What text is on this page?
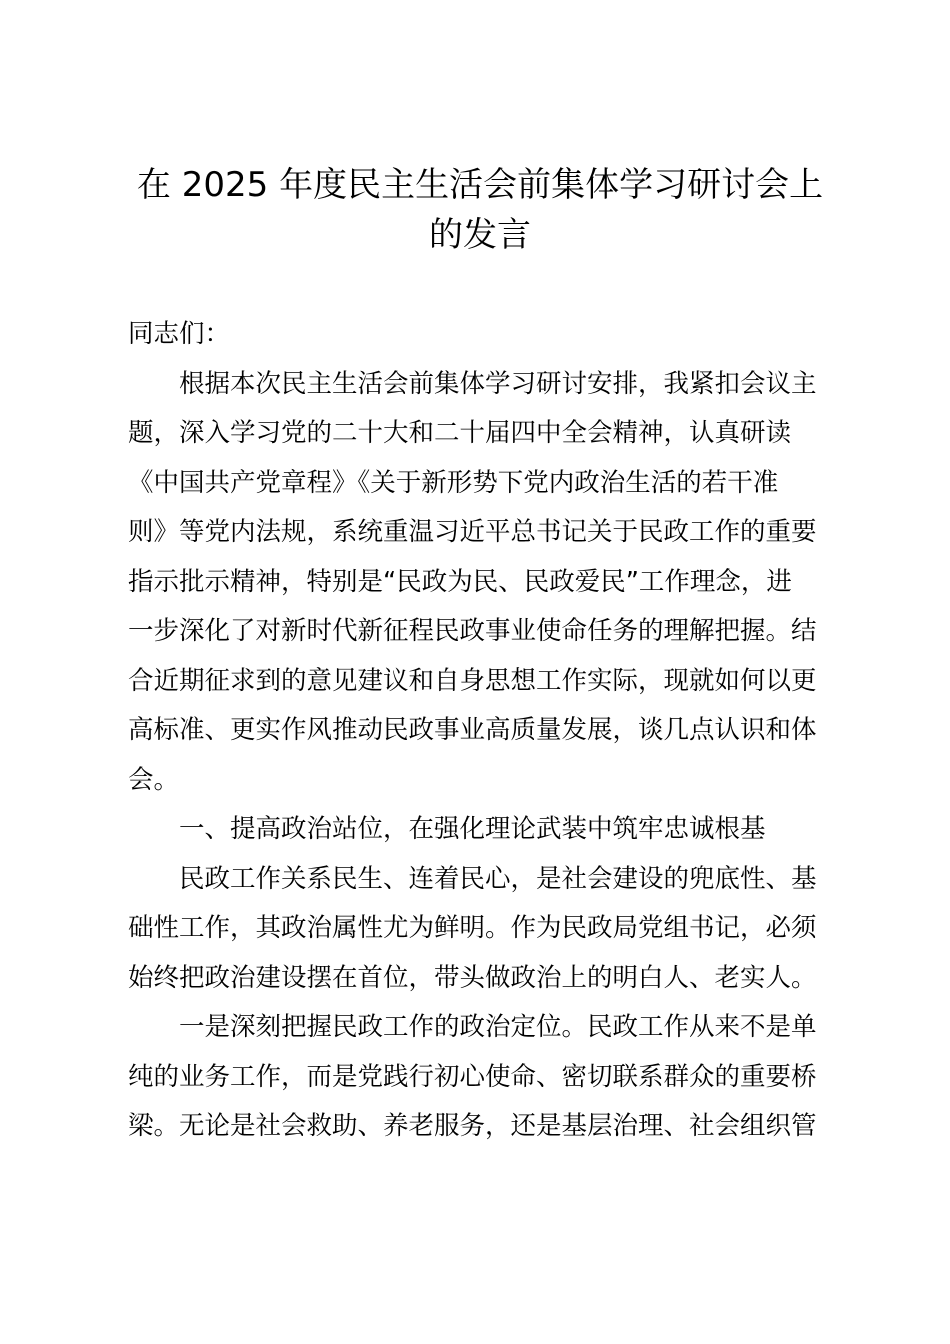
在 2025 年度民主生活会前集体学习研讨会上
的发言
同志们：
根据本次民主生活会前集体学习研讨安排，我紧扣会议主
题，深入学习党的二十大和二十届四中全会精神，认真研读
《中国共产党章程》《关于新形势下党内政治生活的若干准
则》等党内法规，系统重温习近平总书记关于民政工作的重要
指示批示精神，特别是“民政为民、民政爱民”工作理念，进
一步深化了对新时代新征程民政事业使命任务的理解把握。结
合近期征求到的意见建议和自身思想工作实际，现就如何以更
高标准、更实作风推动民政事业高质量发展，谈几点认识和体
会。
一、提高政治站位，在强化理论武装中筑牢忠诚根基
民政工作关系民生、连着民心，是社会建设的兜底性、基
础性工作，其政治属性尤为鲜明。作为民政局党组书记，必须
始终把政治建设摆在首位，带头做政治上的明白人、老实人。
一是深刻把握民政工作的政治定位。民政工作从来不是单
纯的业务工作，而是党践行初心使命、密切联系群众的重要桥
梁。无论是社会救助、养老服务，还是基层治理、社会组织管
